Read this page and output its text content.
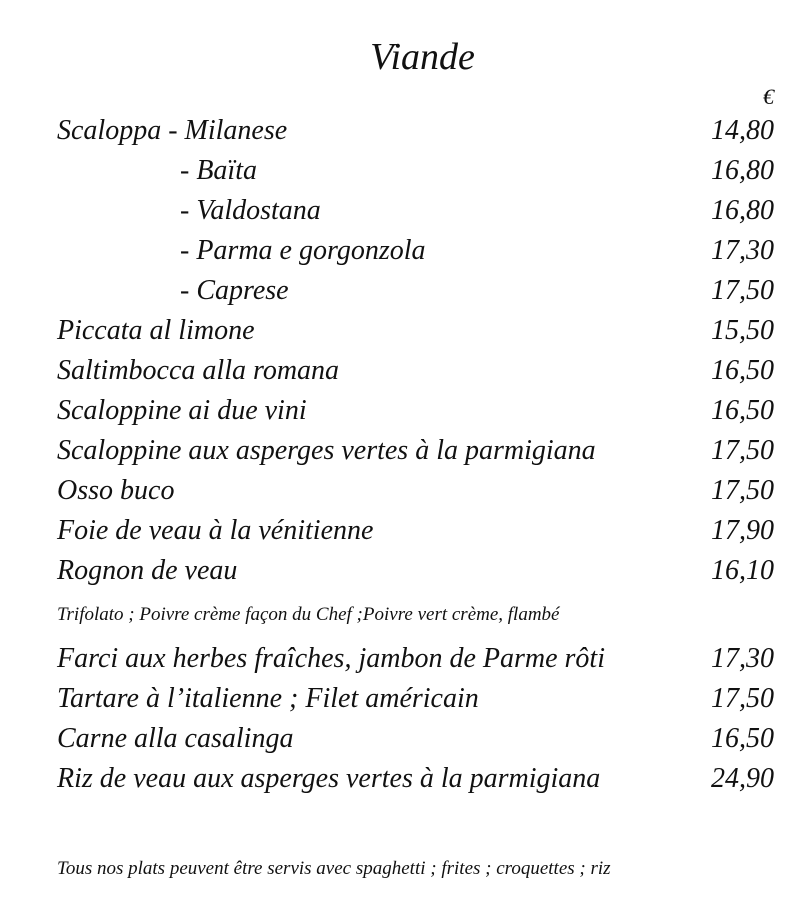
Viande
€
Scaloppa - Milanese	14,80
- Baïta	16,80
- Valdostana	16,80
- Parma e gorgonzola	17,30
- Caprese	17,50
Piccata al limone	15,50
Saltimbocca alla romana	16,50
Scaloppine ai due vini	16,50
Scaloppine aux asperges vertes à la parmigiana	17,50
Osso buco	17,50
Foie de veau à la vénitienne	17,90
Rognon de veau	16,10
Trifolato ; Poivre crème façon du Chef ;Poivre vert crème, flambé
Farci aux herbes fraîches, jambon de Parme rôti	17,30
Tartare à l’italienne ; Filet américain	17,50
Carne alla casalinga	16,50
Riz de veau aux asperges vertes à la parmigiana	24,90
Tous nos plats peuvent être servis avec spaghetti ; frites ; croquettes ; riz
